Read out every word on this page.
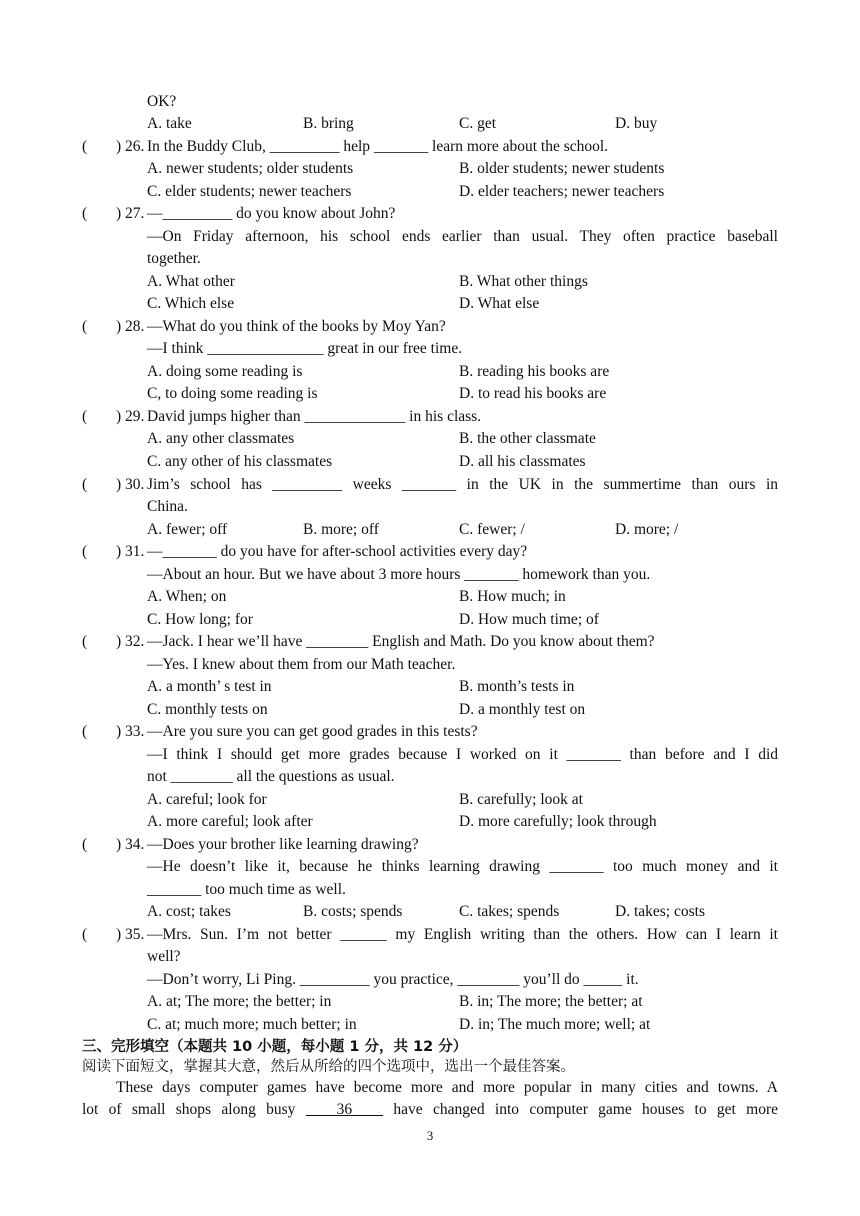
三、完形填空（本题共 10 小题，每小题 1 分，共 12 分）
阅读下面短文，掌握其大意，然后从所给的四个选项中，选出一个最佳答案。
These days computer games have become more and more popular in many cities and towns. A
lot of small shops along busy    36    have changed into computer game houses to get more
3
OK?
A. take	B. bring	C. get	D. buy
( ) 26. In the Buddy Club, _________ help _______ learn more about the school.
A. newer students; older students	B. older students; newer students
C. elder students; newer teachers	D. elder teachers; newer teachers
( ) 27. —_________ do you know about John?
—On Friday afternoon, his school ends earlier than usual. They often practice baseball
together.
A. What other	B. What other things
C. Which else	D. What else
( ) 28. —What do you think of the books by Moy Yan?
—I think _______________ great in our free time.
A. doing some reading is	B. reading his books are
C, to doing some reading is	D. to read his books are
( ) 29. David jumps higher than _____________ in his class.
A. any other classmates	B. the other classmate
C. any other of his classmates	D. all his classmates
( ) 30. Jim’s school has _________ weeks _______ in the UK in the summertime than ours in
China.
A. fewer; off	B. more; off	C. fewer; /	D. more; /
( ) 31. —_______ do you have for after-school activities every day?
—About an hour. But we have about 3 more hours _______ homework than you.
A. When; on	B. How much; in
C. How long; for	D. How much time; of
( ) 32. —Jack. I hear we’ll have ________ English and Math. Do you know about them?
—Yes. I knew about them from our Math teacher.
A. a month’ s test in	B. month’s tests in
C. monthly tests on	D. a monthly test on
( ) 33. —Are you sure you can get good grades in this tests?
—I think I should get more grades because I worked on it _______ than before and I did
not ________ all the questions as usual.
A. careful; look for	B. carefully; look at
A. more careful; look after	D. more carefully; look through
( ) 34. —Does your brother like learning drawing?
—He doesn’t like it, because he thinks learning drawing _______ too much money and it
_______ too much time as well.
A. cost; takes	B. costs; spends	C. takes; spends	D. takes; costs
( ) 35. —Mrs. Sun. I’m not better ______ my English writing than the others. How can I learn it
well?
—Don’t worry, Li Ping. _________ you practice, ________ you’ll do _____ it.
A. at; The more; the better; in	B. in; The more; the better; at
C. at; much more; much better; in	D. in; The much more; well; at
